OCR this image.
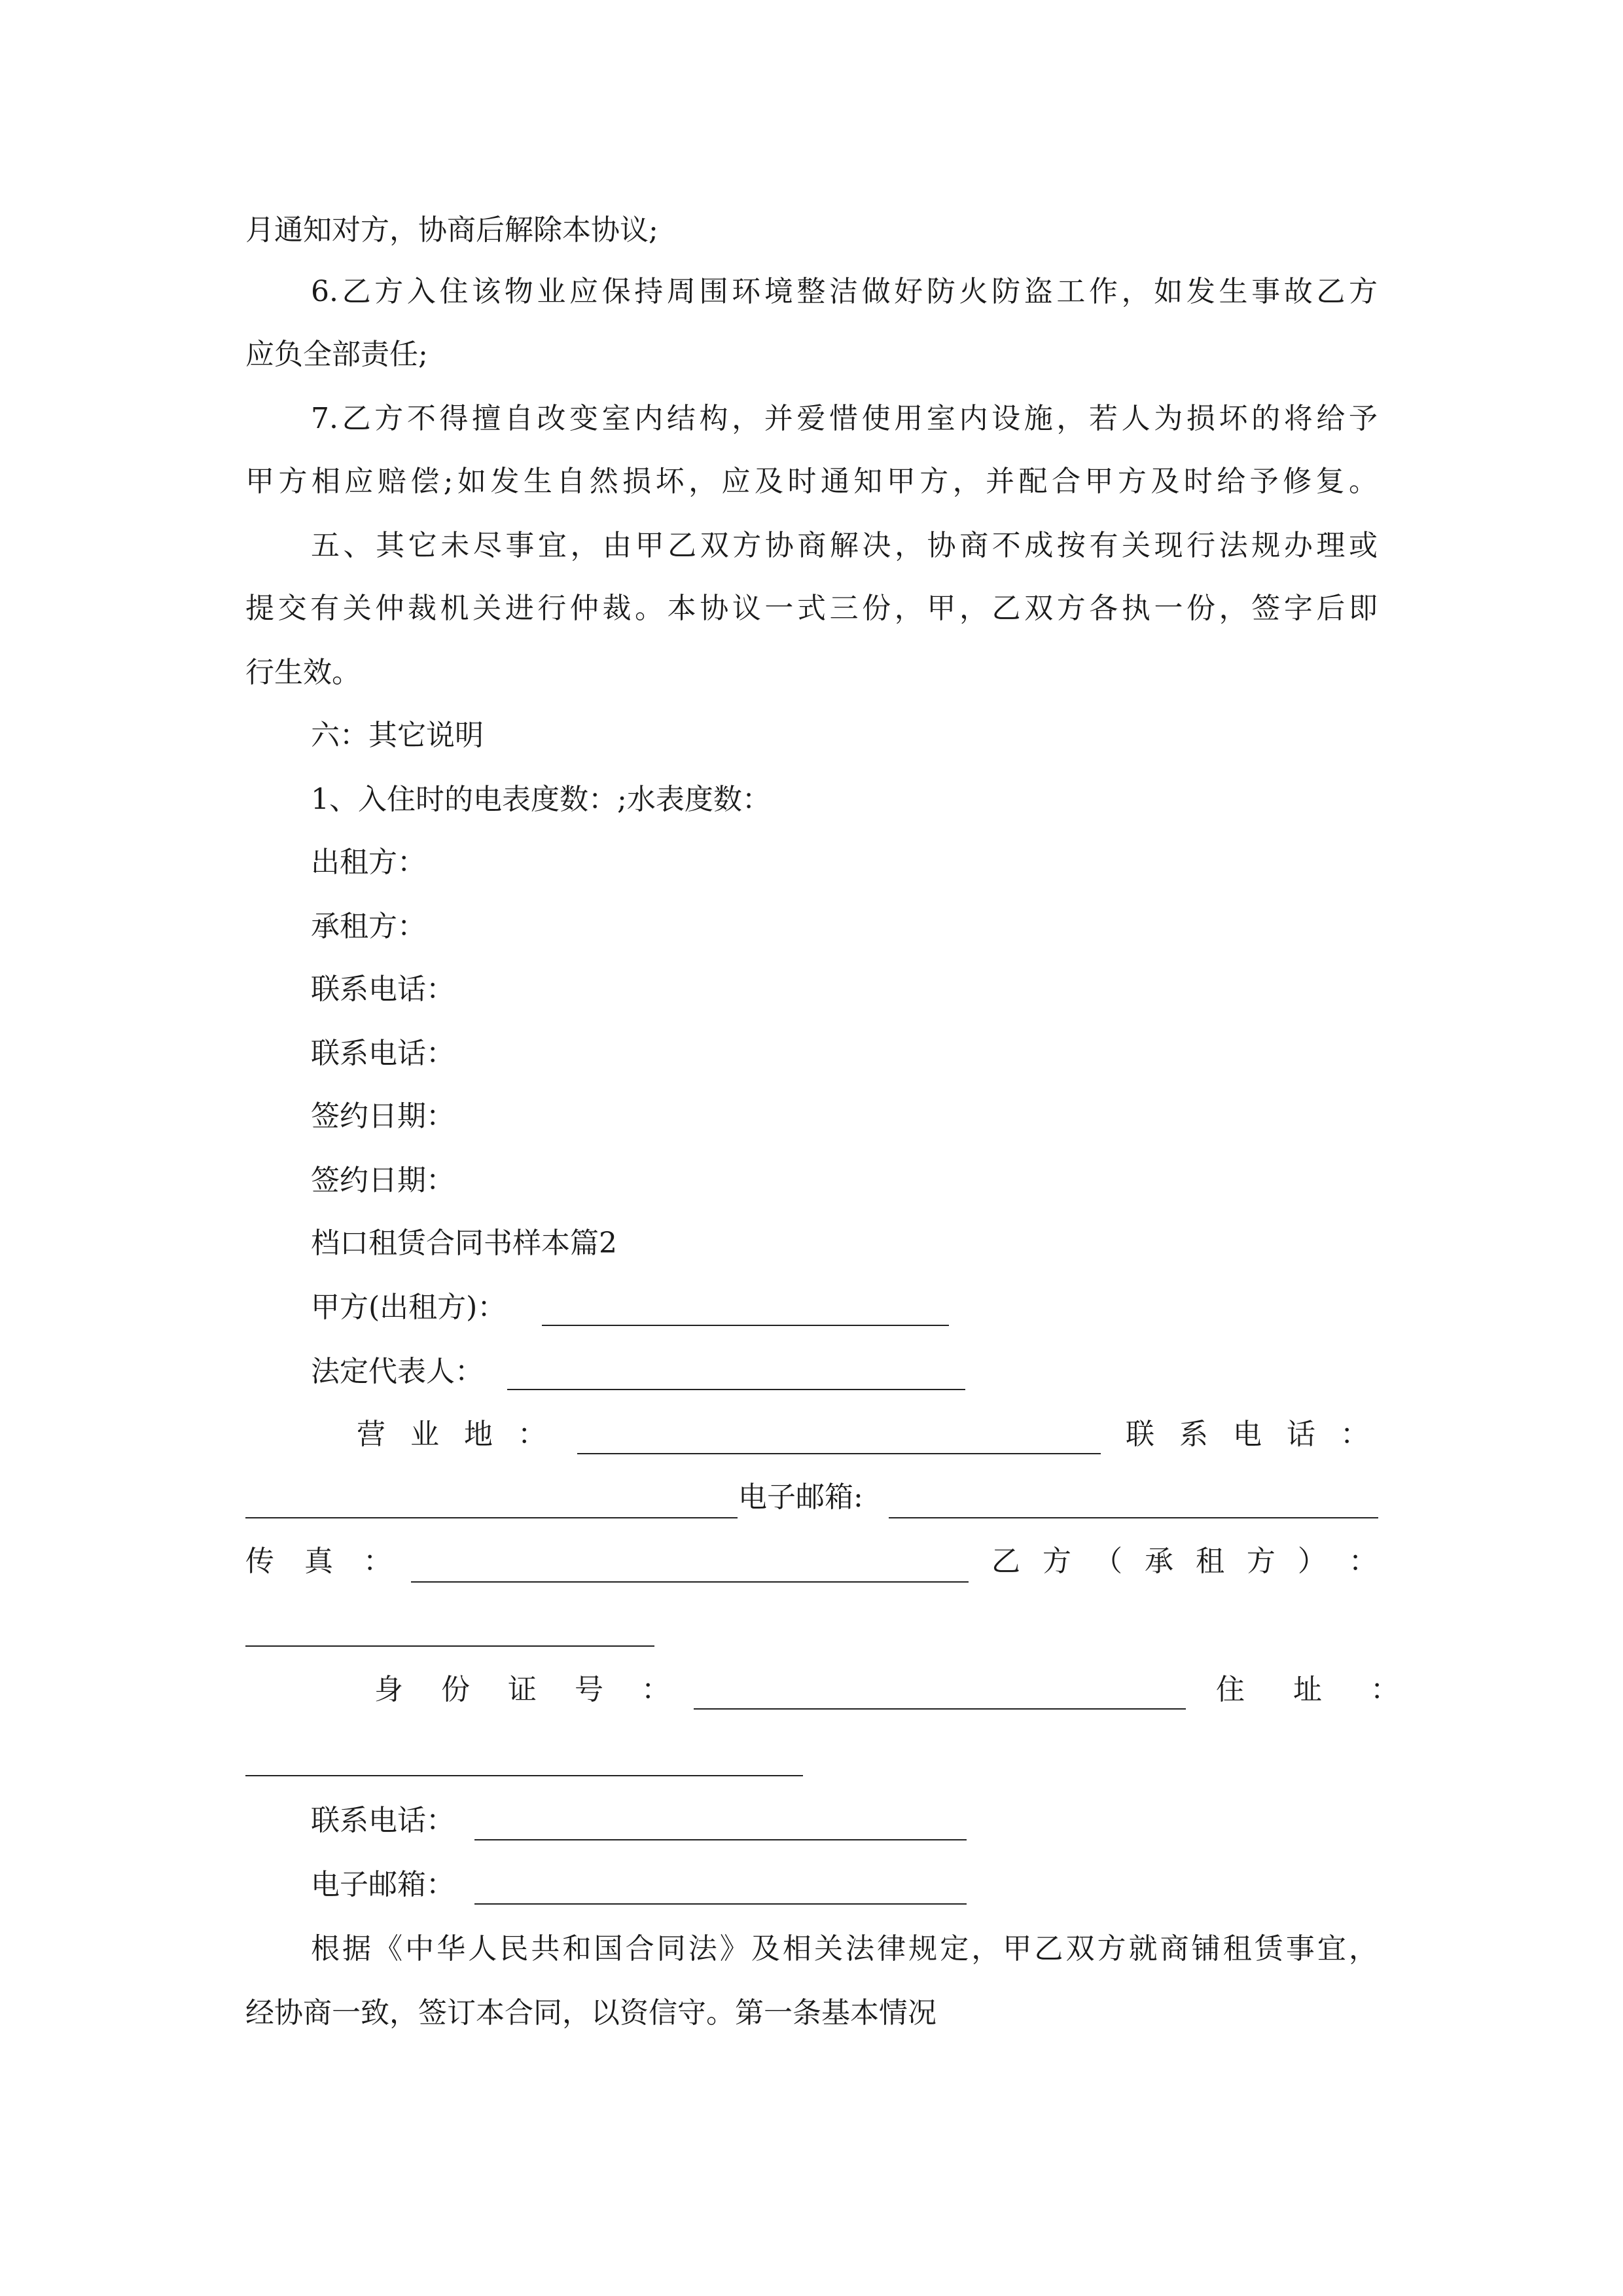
月通知对方，协商后解除本协议;
6.乙方入住该物业应保持周围环境整洁做好防火防盗工作，如发生事故乙方
应负全部责任;
7.乙方不得擅自改变室内结构，并爱惜使用室内设施，若人为损坏的将给予
甲方相应赔偿;如发生自然损坏，应及时通知甲方，并配合甲方及时给予修复。
五、其它未尽事宜，由甲乙双方协商解决，协商不成按有关现行法规办理或
提交有关仲裁机关进行仲裁。本协议一式三份，甲，乙双方各执一份，签字后即
行生效。
六：其它说明
1、入住时的电表度数：;水表度数：
出租方：
承租方：
联系电话：
联系电话：
签约日期：
签约日期：
档口租赁合同书样本篇2
甲方(出租方)：
法定代表人：
营 业 地 ：	联 系 电 话 ：
电子邮箱:
传 真 ：	乙 方 （ 承 租 方 ） ：
身 份 证 号 ：	住 址 ：
联系电话：
电子邮箱：
根据《中华人民共和国合同法》及相关法律规定，甲乙双方就商铺租赁事宜，
经协商一致，签订本合同，以资信守。第一条基本情况
